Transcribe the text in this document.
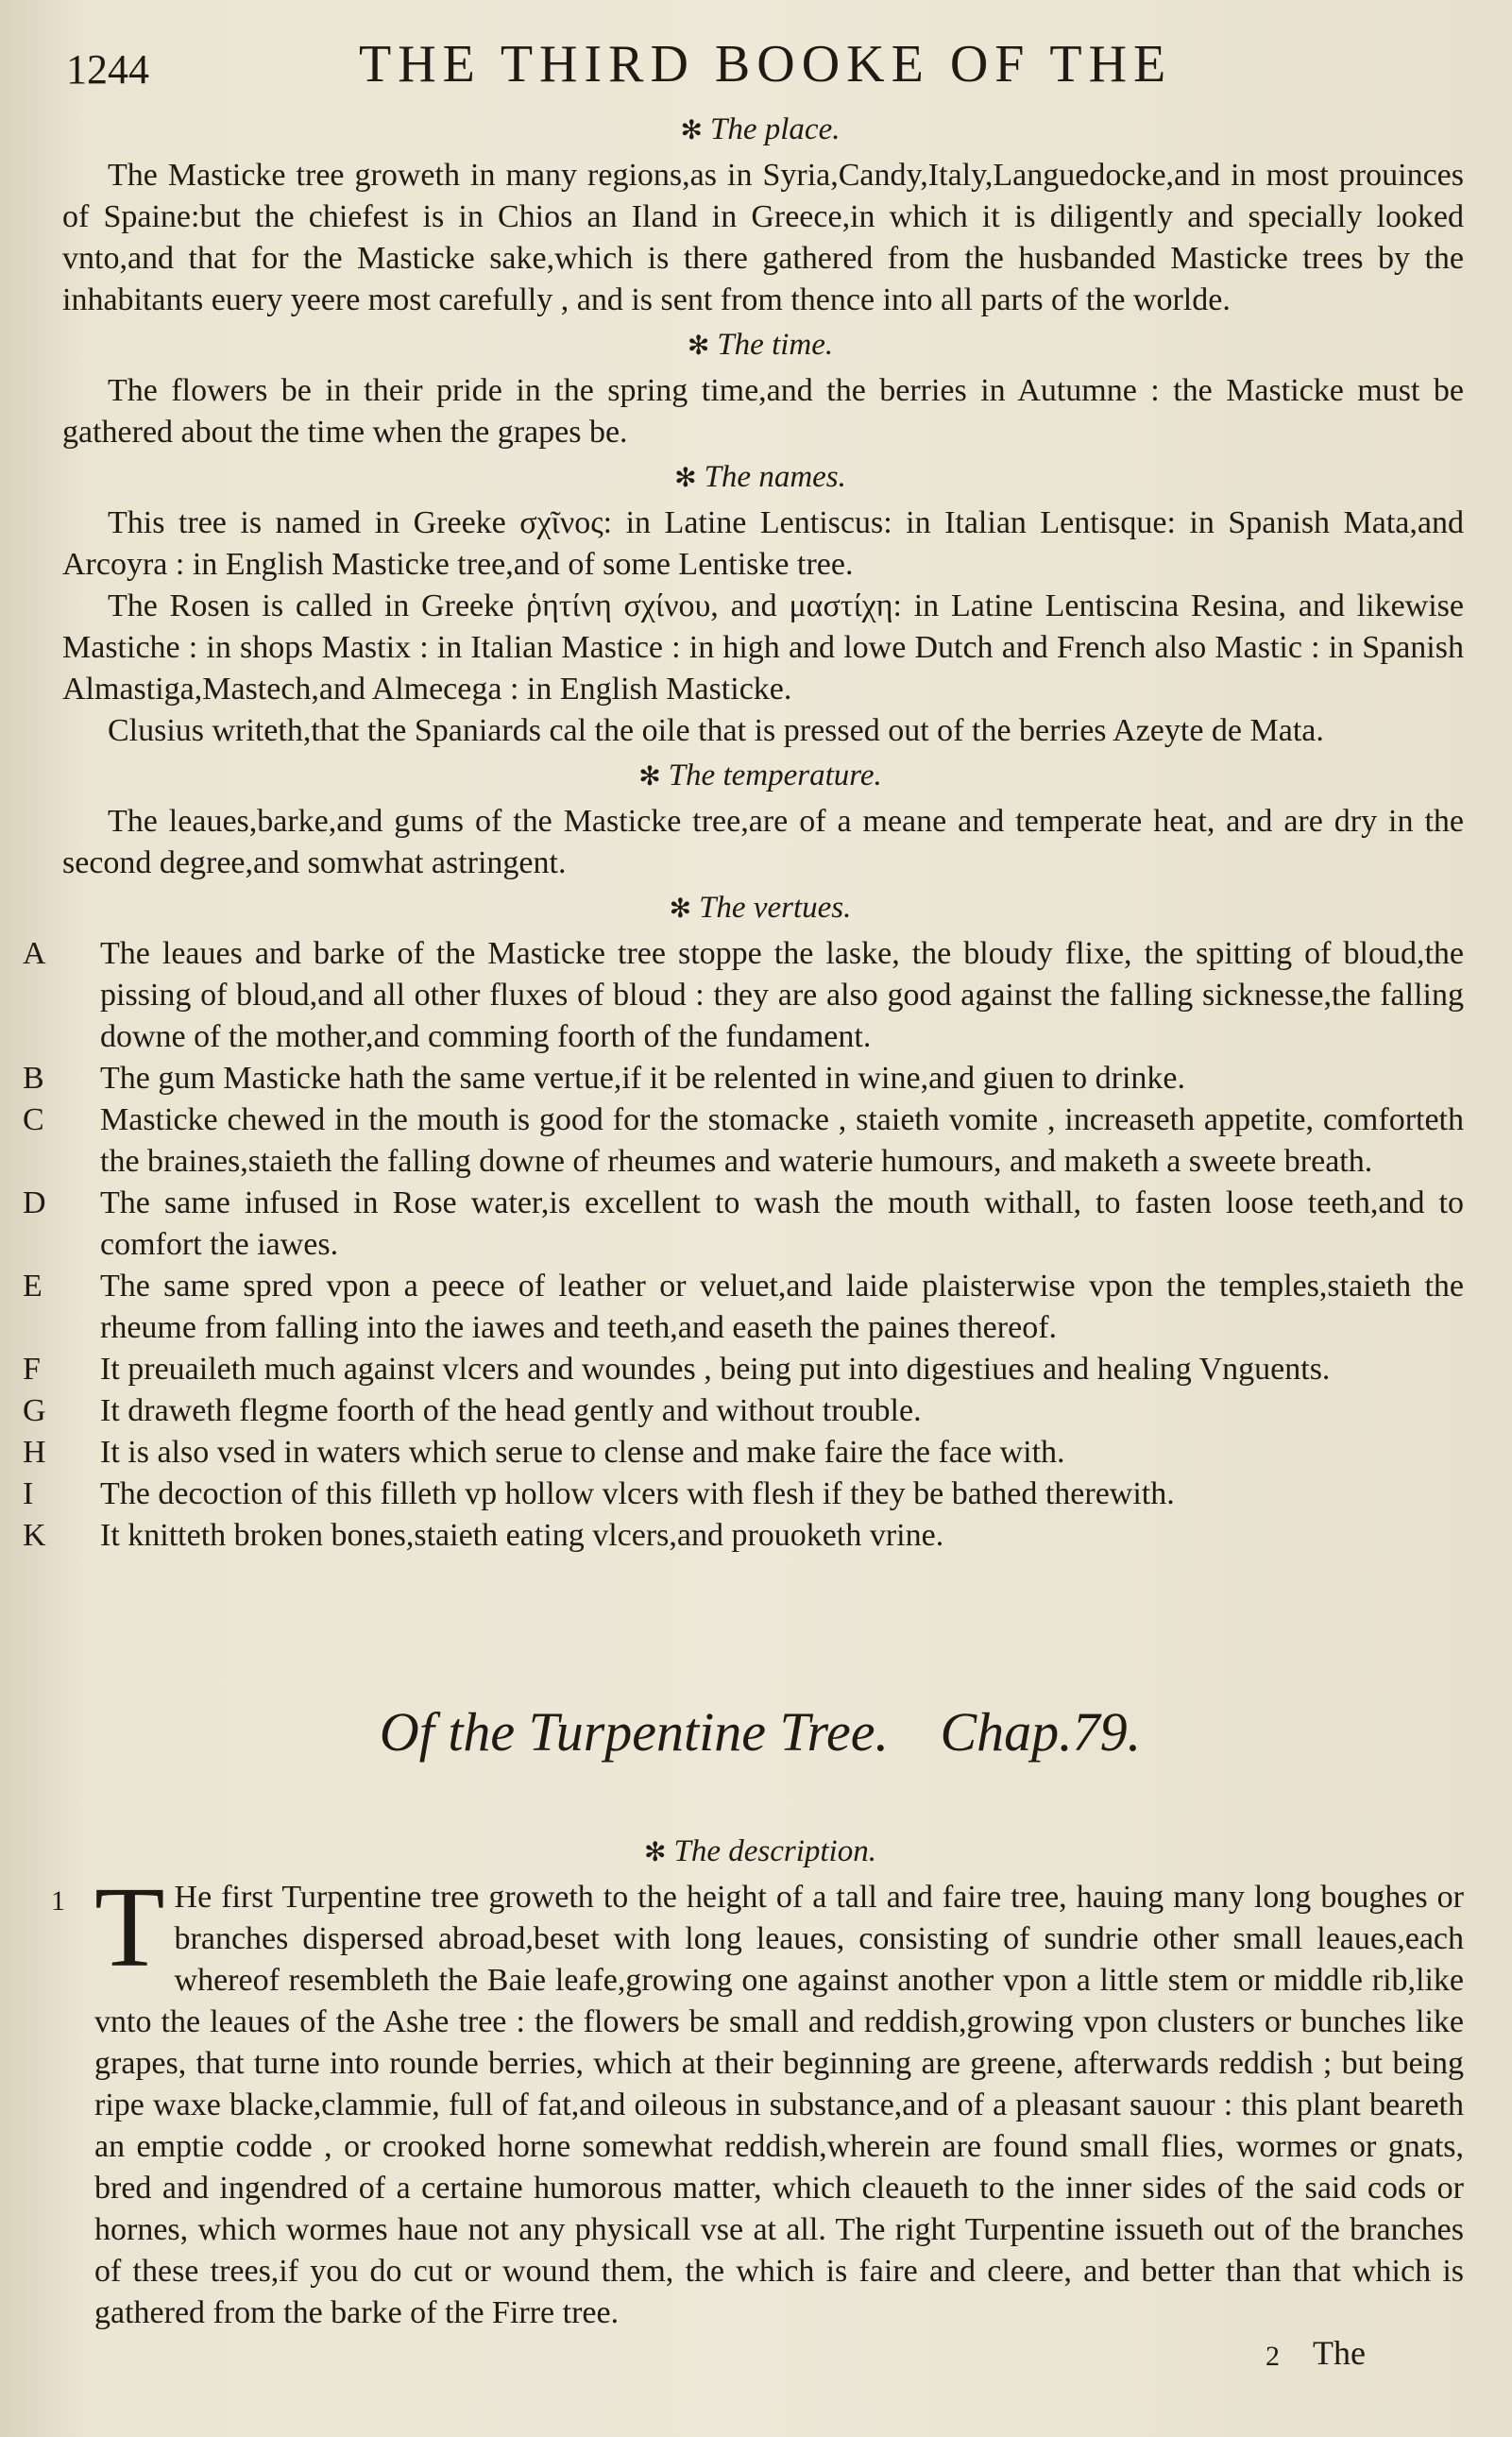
1244	THE THIRD BOOKE OF THE
✻ The place.

The Masticke tree groweth in many regions,as in Syria,Candy,Italy,Languedocke,and in most prouinces of Spaine:but the chiefest is in Chios an Iland in Greece,in which it is diligently and specially looked vnto,and that for the Masticke sake,which is there gathered from the husbanded Masticke trees by the inhabitants euery yeere most carefully , and is sent from thence into all parts of the worlde.

✻ The time.

The flowers be in their pride in the spring time,and the berries in Autumne : the Masticke must be gathered about the time when the grapes be.

✻ The names.

This tree is named in Greeke σχῖνος: in Latine Lentiscus: in Italian Lentisque: in Spanish Mata,and Arcoyra : in English Masticke tree,and of some Lentiske tree.

The Rosen is called in Greeke ῥητίνη σχίνου, and μαστίχη: in Latine Lentiscina Resina, and likewise Mastiche : in shops Mastix : in Italian Mastice : in high and lowe Dutch and French also Mastic : in Spanish Almastiga,Mastech,and Almecega : in English Masticke.

Clusius writeth,that the Spaniards cal the oile that is pressed out of the berries Azeyte de Mata.

✻ The temperature.

The leaues,barke,and gums of the Masticke tree,are of a meane and temperate heat, and are dry in the second degree,and somwhat astringent.

✻ The vertues.

A	The leaues and barke of the Masticke tree stoppe the laske, the bloudy flixe, the spitting of bloud,the pissing of bloud,and all other fluxes of bloud : they are also good against the falling sicknesse,the falling downe of the mother,and comming foorth of the fundament.

B	The gum Masticke hath the same vertue,if it be relented in wine,and giuen to drinke.

C	Masticke chewed in the mouth is good for the stomacke , staieth vomite , increaseth appetite, comforteth the braines,staieth the falling downe of rheumes and waterie humours, and maketh a sweete breath.

D	The same infused in Rose water,is excellent to wash the mouth withall, to fasten loose teeth,and to comfort the iawes.

E	The same spred vpon a peece of leather or veluet,and laide plaisterwise vpon the temples,staieth the rheume from falling into the iawes and teeth,and easeth the paines thereof.

F	It preuaileth much against vlcers and woundes , being put into digestiues and healing Vnguents.

G	It draweth flegme foorth of the head gently and without trouble.

H	It is also vsed in waters which serue to clense and make faire the face with.

I	The decoction of this filleth vp hollow vlcers with flesh if they be bathed therewith.

K	It knitteth broken bones,staieth eating vlcers,and prouoketh vrine.

Of the Turpentine Tree. Chap.79.
✻ The description.

1 T He first Turpentine tree groweth to the height of a tall and faire tree, hauing many long boughes or branches dispersed abroad,beset with long leaues, consisting of sundrie other small leaues,each whereof resembleth the Baie leafe,growing one against another vpon a little stem or middle rib,like vnto the leaues of the Ashe tree : the flowers be small and reddish,growing vpon clusters or bunches like grapes, that turne into rounde berries, which at their beginning are greene, afterwards reddish ; but being ripe waxe blacke,clammie, full of fat,and oileous in substance,and of a pleasant sauour : this plant beareth an emptie codde , or crooked horne somewhat reddish,wherein are found small flies, wormes or gnats, bred and ingendred of a certaine humorous matter, which cleaueth to the inner sides of the said cods or hornes, which wormes haue not any physicall vse at all. The right Turpentine issueth out of the branches of these trees,if you do cut or wound them, the which is faire and cleere, and better than that which is gathered from the barke of the Firre tree.

2 The
